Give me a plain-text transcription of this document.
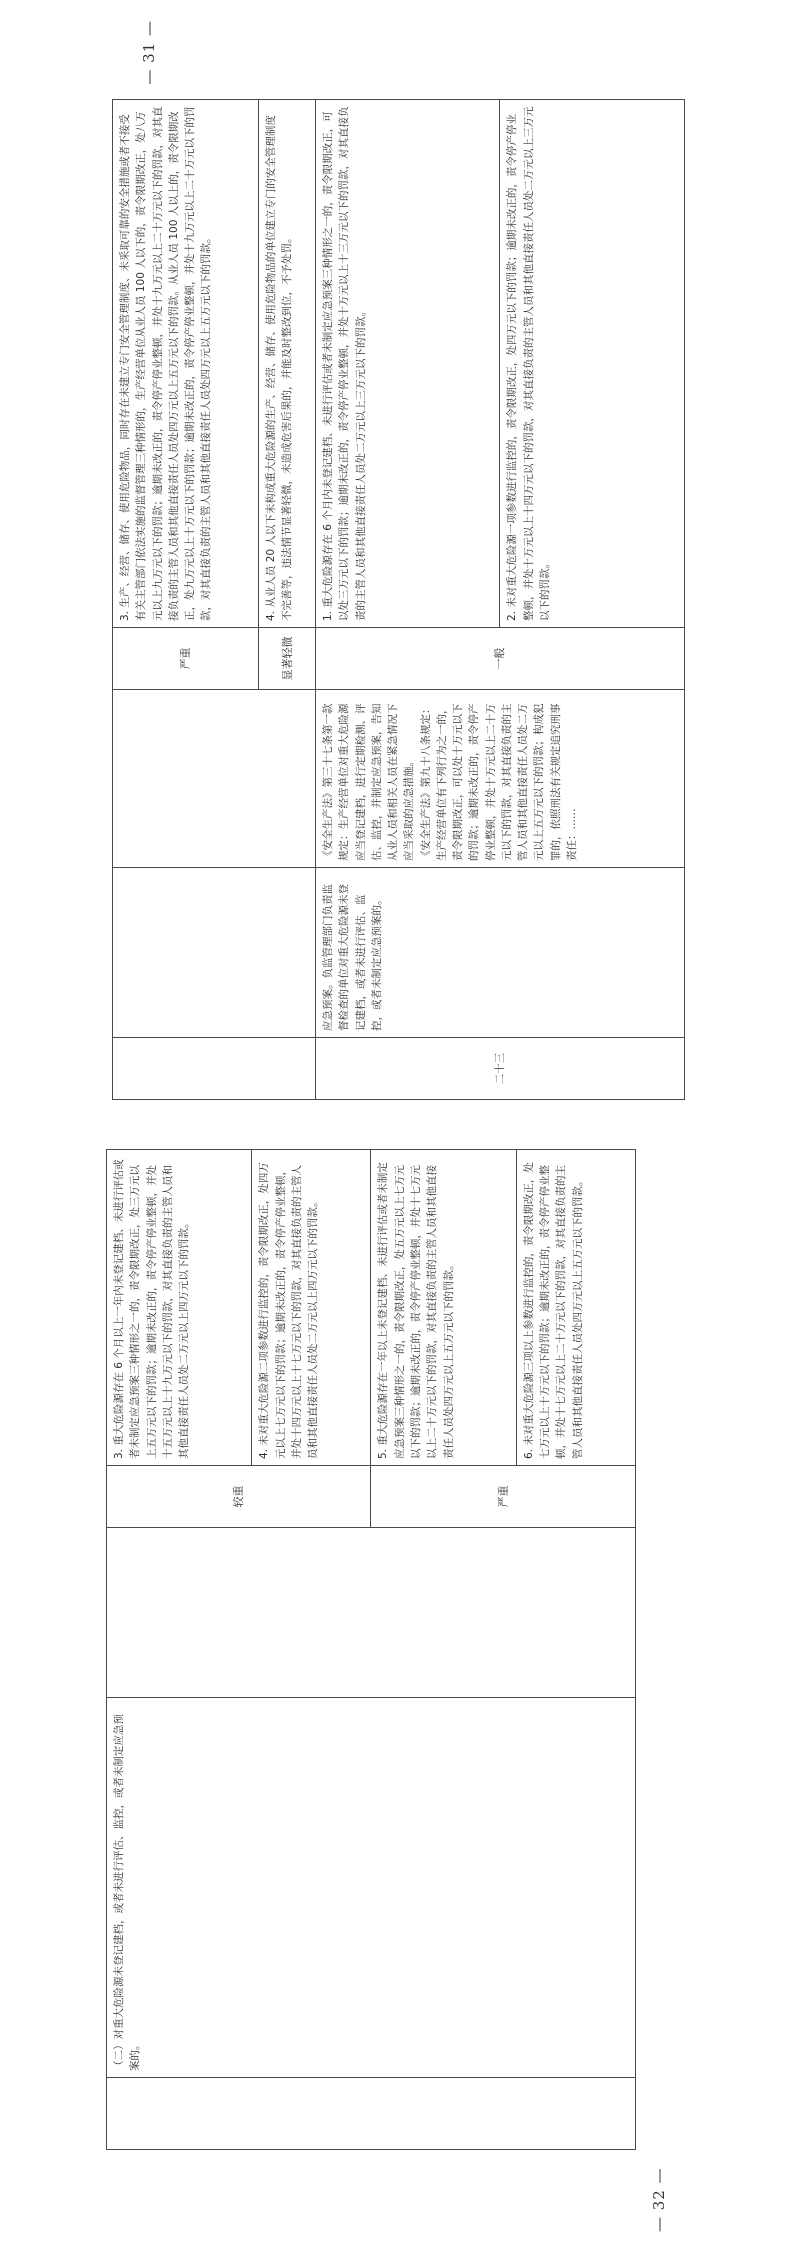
— 32 —

	（二）对重大危险源未登记建档，或者未进行评估、监控，或者未制定应急预案的。		较重	3. 重大危险源存在 6 个月以上一年内未登记建档、未进行评估或者未制定应急预案三种情形之一的，责令限期改正，处三万元以上五万元以下的罚款；逾期未改正的，责令停产停业整顿，并处十五万元以上十九万元以下的罚款，对其直接负责的主管人员和其他直接责任人员处二万元以上四万元以下的罚款。
				4. 未对重大危险源二项参数进行监控的，责令限期改正，处四万元以上七万元以下的罚款；逾期未改正的，责令停产停业整顿，并处十四万元以上十七万元以下的罚款，对其直接负责的主管人员和其他直接责任人员处二万元以上四万元以下的罚款。
			严重	5. 重大危险源存在一年以上未登记建档、未进行评估或者未制定应急预案三种情形之一的，责令限期改正，处五万元以上七万元以下的罚款；逾期未改正的，责令停产停业整顿，并处十七万元以上二十万元以下的罚款，对其直接负责的主管人员和其他直接责任人员处四万元以上五万元以下的罚款。
				6. 未对重大危险源三项以上参数进行监控的，责令限期改正，处七万元以上十万元以下的罚款；逾期未改正的，责令停产停业整顿，并处十七万元以上二十万元以下的罚款，对其直接负责的主管人员和其他直接责任人员处四万元以上五万元以下的罚款。
— 31 —
			严重	3. 生产、经营、储存、使用危险物品，同时存在未建立专门安全管理制度、未采取可靠的安全措施或者不接受有关主管部门依法实施的监督管理三种情形的，生产经营单位从业人员 100 人以下的，责令限期改正，处八万元以上九万元以下的罚款；逾期未改正的，责令停产停业整顿，并处十九万元以上二十万元以下的罚款，对其直接负责的主管人员和其他直接责任人员处四万元以上五万元以下的罚款。从业人员 100 人以上的，责令限期改正，处九万元以上十万元以下的罚款；逾期未改正的，责令停产停业整顿，并处十九万元以上二十万元以下的罚款，对其直接负责的主管人员和其他直接责任人员处四万元以上五万元以下的罚款。
			显著轻微	4. 从业人员 20 人以下未构成重大危险源的生产、经营、储存、使用危险物品的单位建立专门的安全管理制度不完善等，违法情节显著轻微，未造成危害后果的，并能及时整改到位，不予处罚。
二十三	应急预案。负监管理部门负责监督检查的单位对重大危险源未登记建档，或者未进行评估、监控，或者未制定应急预案的。	《安全生产法》第三十七条第一款规定：生产经营单位对重大危险源应当登记建档，进行定期检测、评估、监控，并制定应急预案，告知从业人员和相关人员在紧急情况下应当采取的应急措施。 《安全生产法》第九十八条规定：生产经营单位有下列行为之一的，责令限期改正，可以处十万元以下的罚款；逾期未改正的，责令停产停业整顿，并处十万元以上二十万元以下的罚款，对其直接负责的主管人员和其他直接责任人员处二万元以上五万元以下的罚款；构成犯罪的，依照刑法有关规定追究刑事责任：……	一般	1. 重大危险源存在 6 个月内未登记建档、未进行评估或者未制定应急预案三种情形之一的，责令限期改正，可以处三万元以下的罚款；逾期未改正的，责令停产停业整顿，并处十万元以上十三万元以下的罚款，对其直接负责的主管人员和其他直接责任人员处二万元以上三万元以下的罚款。
				2. 未对重大危险源一项参数进行监控的，责令限期改正，处四万元以下的罚款；逾期未改正的，责令停产停业整顿，并处十万元以上十四万元以下的罚款，对其直接负责的主管人员和其他直接责任人员处二万元以上三万元以下的罚款。
